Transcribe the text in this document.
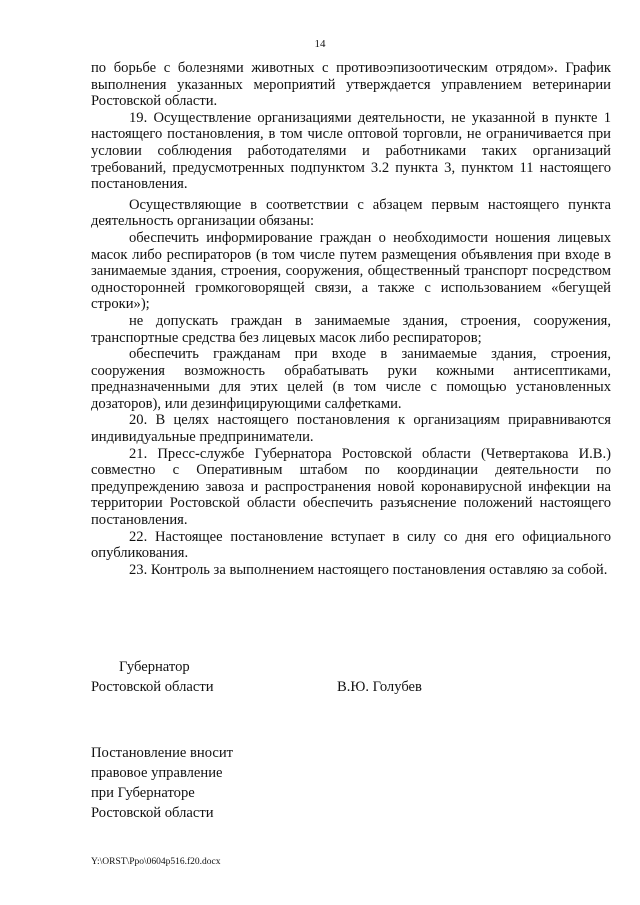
14

по борьбе с болезнями животных с противоэпизоотическим отрядом». График выполнения указанных мероприятий утверждается управлением ветеринарии Ростовской области.

19. Осуществление организациями деятельности, не указанной в пункте 1 настоящего постановления, в том числе оптовой торговли, не ограничивается при условии соблюдения работодателями и работниками таких организаций требований, предусмотренных подпунктом 3.2 пункта 3, пунктом 11 настоящего постановления.

Осуществляющие в соответствии с абзацем первым настоящего пункта деятельность организации обязаны:

обеспечить информирование граждан о необходимости ношения лицевых масок либо респираторов (в том числе путем размещения объявления при входе в занимаемые здания, строения, сооружения, общественный транспорт посредством односторонней громкоговорящей связи, а также с использованием «бегущей строки»);

не допускать граждан в занимаемые здания, строения, сооружения, транспортные средства без лицевых масок либо респираторов;

обеспечить гражданам при входе в занимаемые здания, строения, сооружения возможность обрабатывать руки кожными антисептиками, предназначенными для этих целей (в том числе с помощью установленных дозаторов), или дезинфицирующими салфетками.

20. В целях настоящего постановления к организациям приравниваются индивидуальные предприниматели.

21. Пресс-службе Губернатора Ростовской области (Четвертакова И.В.) совместно с Оперативным штабом по координации деятельности по предупреждению завоза и распространения новой коронавирусной инфекции на территории Ростовской области обеспечить разъяснение положений настоящего постановления.

22. Настоящее постановление вступает в силу со дня его официального опубликования.

23. Контроль за выполнением настоящего постановления оставляю за собой.

Губернатор
Ростовской области	В.Ю. Голубев
Постановление вносит
правовое управление
при Губернаторе
Ростовской области
Y:\ORST\Ppo\0604p516.f20.docx
